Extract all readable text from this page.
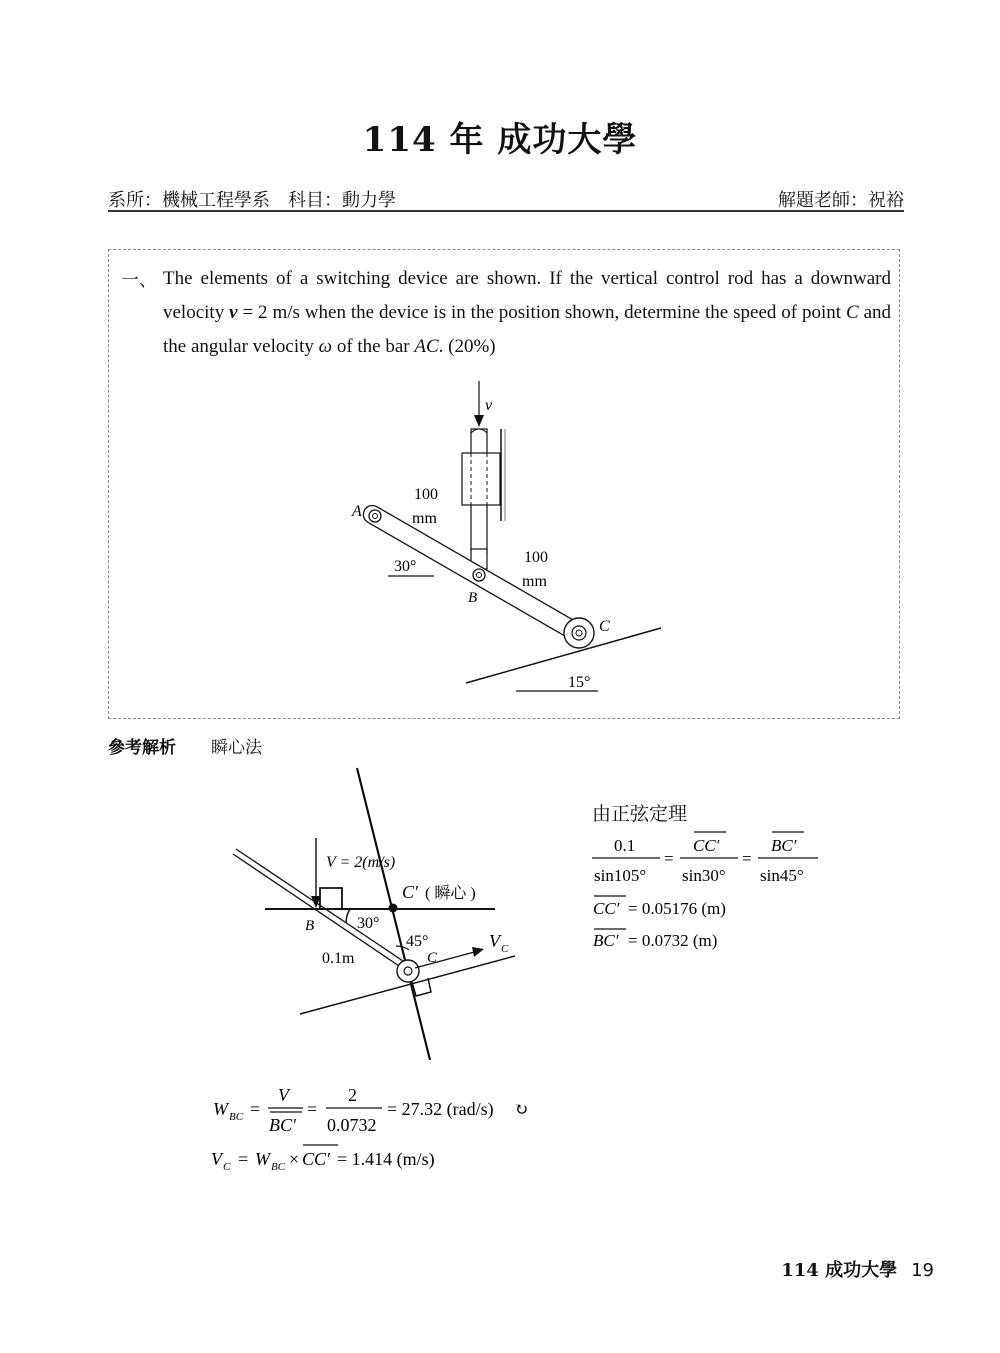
114 年 成功大學
系所：機械工程學系　科目：動力學	解題老師：祝裕
一、 The elements of a switching device are shown. If the vertical control rod has a downward velocity v = 2 m/s when the device is in the position shown, determine the speed of point C and the angular velocity ω of the bar AC. (20%)
v
A
B
C
100
mm
100
mm
30°
15°
參考解析 瞬心法
V = 2(m/s)
C′ ( 瞬心 )
B
C
30°
45°	V C
0.1m
由正弦定理
0.1
sin105°
=
CC′
sin30°
=
BC′
sin45°
CC′ = 0.05176 (m)
BC′ = 0.0732 (m)
W BC =
V
BC′
=
2
0.0732
= 27.32 (rad/s) ↻
V C = W BC × CC′ = 1.414 (m/s)
114 成功大學 19
